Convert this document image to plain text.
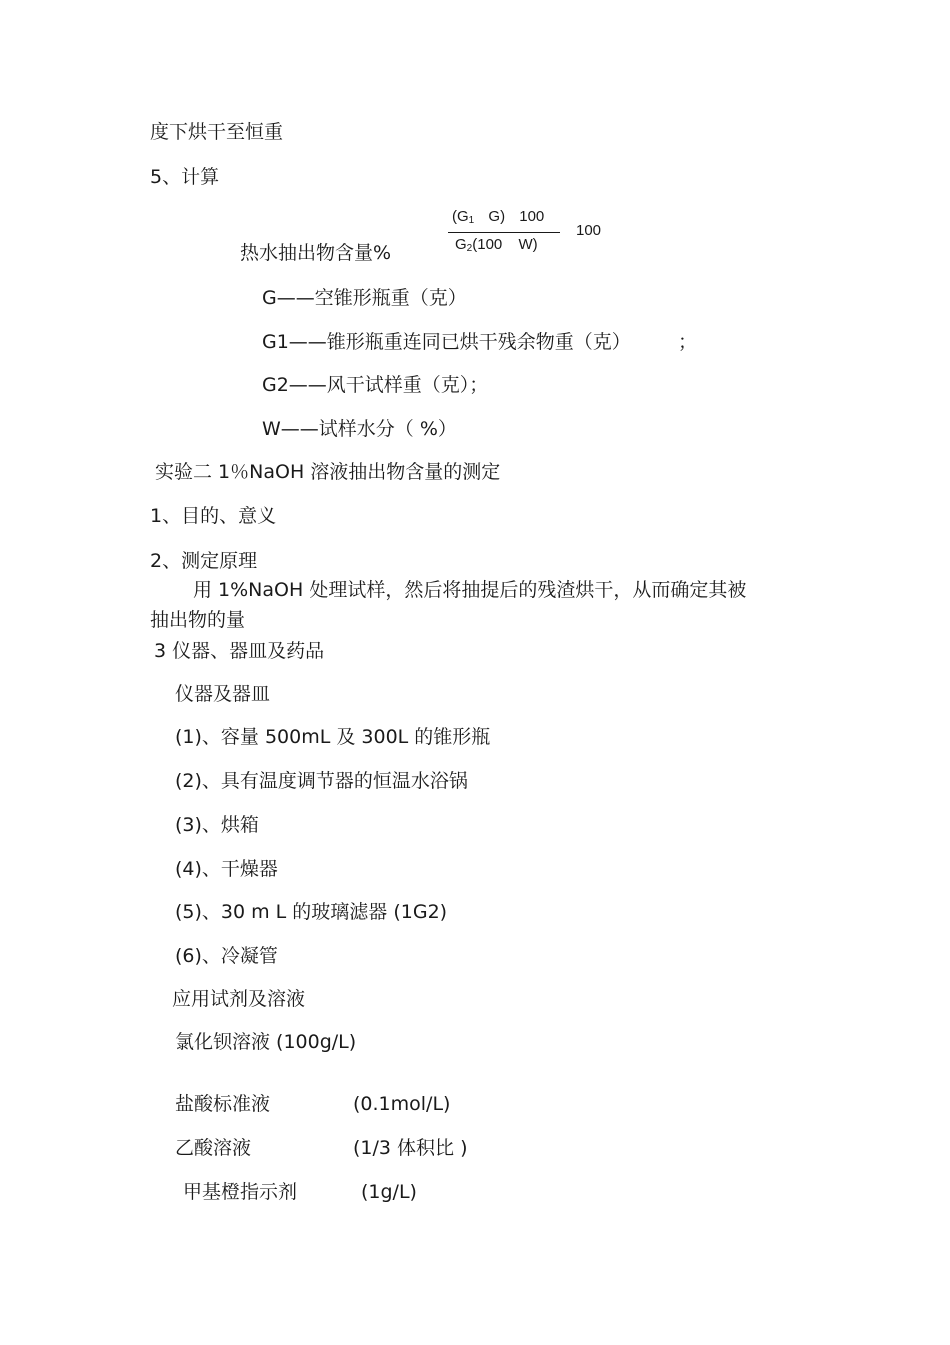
度下烘干至恒重
5、计算
热水抽出物含量%
($G_1$ G) 100
$G_2(100$ W)
100
G——空锥形瓶重（克）
G1——锥形瓶重连同已烘干残余物重（克） ；
G2——风干试样重（克）；
W——试样水分（ %）
实验二 1％NaOH 溶液抽出物含量的测定
1、目的、意义
2、测定原理
用 1%NaOH 处理试样，然后将抽提后的残渣烘干，从而确定其被
抽出物的量
3 仪器、器皿及药品
仪器及器皿
(1)、容量 500mL 及 300L 的锥形瓶
(2)、具有温度调节器的恒温水浴锅
(3)、烘箱
(4)、干燥器
(5)、30 m L 的玻璃滤器 (1G2)
(6)、冷凝管
应用试剂及溶液
氯化钡溶液 (100g/L)
盐酸标准液	(0.1mol/L)
乙酸溶液	(1/3 体积比 )
甲基橙指示剂	(1g/L)
